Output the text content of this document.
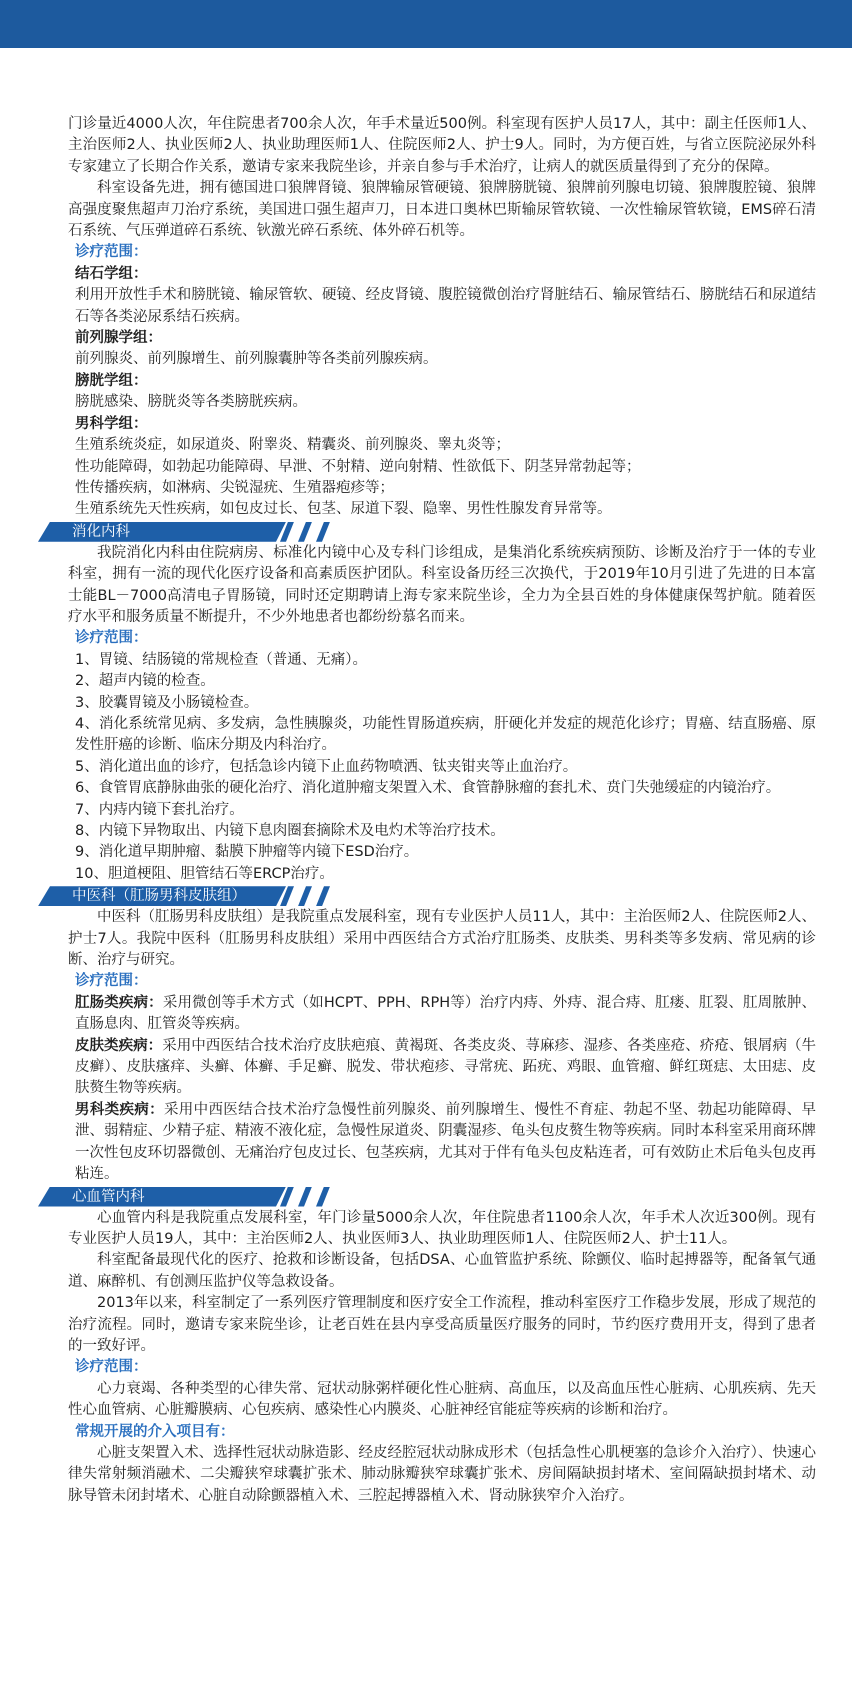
门诊量近4000人次，年住院患者700余人次，年手术量近500例。科室现有医护人员17人，其中：副主任医师1人、主治医师2人、执业医师2人、执业助理医师1人、住院医师2人、护士9人。同时，为方便百姓，与省立医院泌尿外科专家建立了长期合作关系，邀请专家来我院坐诊，并亲自参与手术治疗，让病人的就医质量得到了充分的保障。

科室设备先进，拥有德国进口狼牌肾镜、狼牌输尿管硬镜、狼牌膀胱镜、狼牌前列腺电切镜、狼牌腹腔镜、狼牌高强度聚焦超声刀治疗系统，美国进口强生超声刀，日本进口奥林巴斯输尿管软镜、一次性输尿管软镜，EMS碎石清石系统、气压弹道碎石系统、钬激光碎石系统、体外碎石机等。

诊疗范围：

结石学组：

利用开放性手术和膀胱镜、输尿管软、硬镜、经皮肾镜、腹腔镜微创治疗肾脏结石、输尿管结石、膀胱结石和尿道结石等各类泌尿系结石疾病。

前列腺学组：

前列腺炎、前列腺增生、前列腺囊肿等各类前列腺疾病。

膀胱学组：

膀胱感染、膀胱炎等各类膀胱疾病。

男科学组：

生殖系统炎症，如尿道炎、附睾炎、精囊炎、前列腺炎、睾丸炎等；

性功能障碍，如勃起功能障碍、早泄、不射精、逆向射精、性欲低下、阴茎异常勃起等；

性传播疾病，如淋病、尖锐湿疣、生殖器疱疹等；

生殖系统先天性疾病，如包皮过长、包茎、尿道下裂、隐睾、男性性腺发育异常等。

消化内科

我院消化内科由住院病房、标准化内镜中心及专科门诊组成，是集消化系统疾病预防、诊断及治疗于一体的专业科室，拥有一流的现代化医疗设备和高素质医护团队。科室设备历经三次换代，于2019年10月引进了先进的日本富士能BL－7000高清电子胃肠镜，同时还定期聘请上海专家来院坐诊，全力为全县百姓的身体健康保驾护航。随着医疗水平和服务质量不断提升，不少外地患者也都纷纷慕名而来。

诊疗范围：

1、胃镜、结肠镜的常规检查（普通、无痛）。

2、超声内镜的检查。

3、胶囊胃镜及小肠镜检查。

4、消化系统常见病、多发病，急性胰腺炎，功能性胃肠道疾病，肝硬化并发症的规范化诊疗；胃癌、结直肠癌、原发性肝癌的诊断、临床分期及内科治疗。

5、消化道出血的诊疗，包括急诊内镜下止血药物喷洒、钛夹钳夹等止血治疗。

6、食管胃底静脉曲张的硬化治疗、消化道肿瘤支架置入术、食管静脉瘤的套扎术、贲门失弛缓症的内镜治疗。

7、内痔内镜下套扎治疗。

8、内镜下异物取出、内镜下息肉圈套摘除术及电灼术等治疗技术。

9、消化道早期肿瘤、黏膜下肿瘤等内镜下ESD治疗。

10、胆道梗阻、胆管结石等ERCP治疗。

中医科（肛肠男科皮肤组）

中医科（肛肠男科皮肤组）是我院重点发展科室，现有专业医护人员11人，其中：主治医师2人、住院医师2人、护士7人。我院中医科（肛肠男科皮肤组）采用中西医结合方式治疗肛肠类、皮肤类、男科类等多发病、常见病的诊断、治疗与研究。

诊疗范围：

肛肠类疾病：采用微创等手术方式（如HCPT、PPH、RPH等）治疗内痔、外痔、混合痔、肛瘘、肛裂、肛周脓肿、直肠息肉、肛管炎等疾病。

皮肤类疾病：采用中西医结合技术治疗皮肤疤痕、黄褐斑、各类皮炎、荨麻疹、湿疹、各类座疮、疥疮、银屑病（牛皮癣）、皮肤瘙痒、头癣、体癣、手足癣、脱发、带状疱疹、寻常疣、跖疣、鸡眼、血管瘤、鲜红斑痣、太田痣、皮肤赘生物等疾病。

男科类疾病：采用中西医结合技术治疗急慢性前列腺炎、前列腺增生、慢性不育症、勃起不坚、勃起功能障碍、早泄、弱精症、少精子症、精液不液化症，急慢性尿道炎、阴囊湿疹、龟头包皮赘生物等疾病。同时本科室采用商环牌一次性包皮环切器微创、无痛治疗包皮过长、包茎疾病，尤其对于伴有龟头包皮粘连者，可有效防止术后龟头包皮再粘连。

心血管内科

心血管内科是我院重点发展科室，年门诊量5000余人次，年住院患者1100余人次，年手术人次近300例。现有专业医护人员19人，其中：主治医师2人、执业医师3人、执业助理医师1人、住院医师2人、护士11人。

科室配备最现代化的医疗、抢救和诊断设备，包括DSA、心血管监护系统、除颤仪、临时起搏器等，配备氧气通道、麻醉机、有创测压监护仪等急救设备。

2013年以来，科室制定了一系列医疗管理制度和医疗安全工作流程，推动科室医疗工作稳步发展，形成了规范的治疗流程。同时，邀请专家来院坐诊，让老百姓在县内享受高质量医疗服务的同时，节约医疗费用开支，得到了患者的一致好评。

诊疗范围：

心力衰竭、各种类型的心律失常、冠状动脉粥样硬化性心脏病、高血压，以及高血压性心脏病、心肌疾病、先天性心血管病、心脏瓣膜病、心包疾病、感染性心内膜炎、心脏神经官能症等疾病的诊断和治疗。

常规开展的介入项目有：

心脏支架置入术、选择性冠状动脉造影、经皮经腔冠状动脉成形术（包括急性心肌梗塞的急诊介入治疗）、快速心律失常射频消融术、二尖瓣狭窄球囊扩张术、肺动脉瓣狭窄球囊扩张术、房间隔缺损封堵术、室间隔缺损封堵术、动脉导管未闭封堵术、心脏自动除颤器植入术、三腔起搏器植入术、肾动脉狭窄介入治疗。
